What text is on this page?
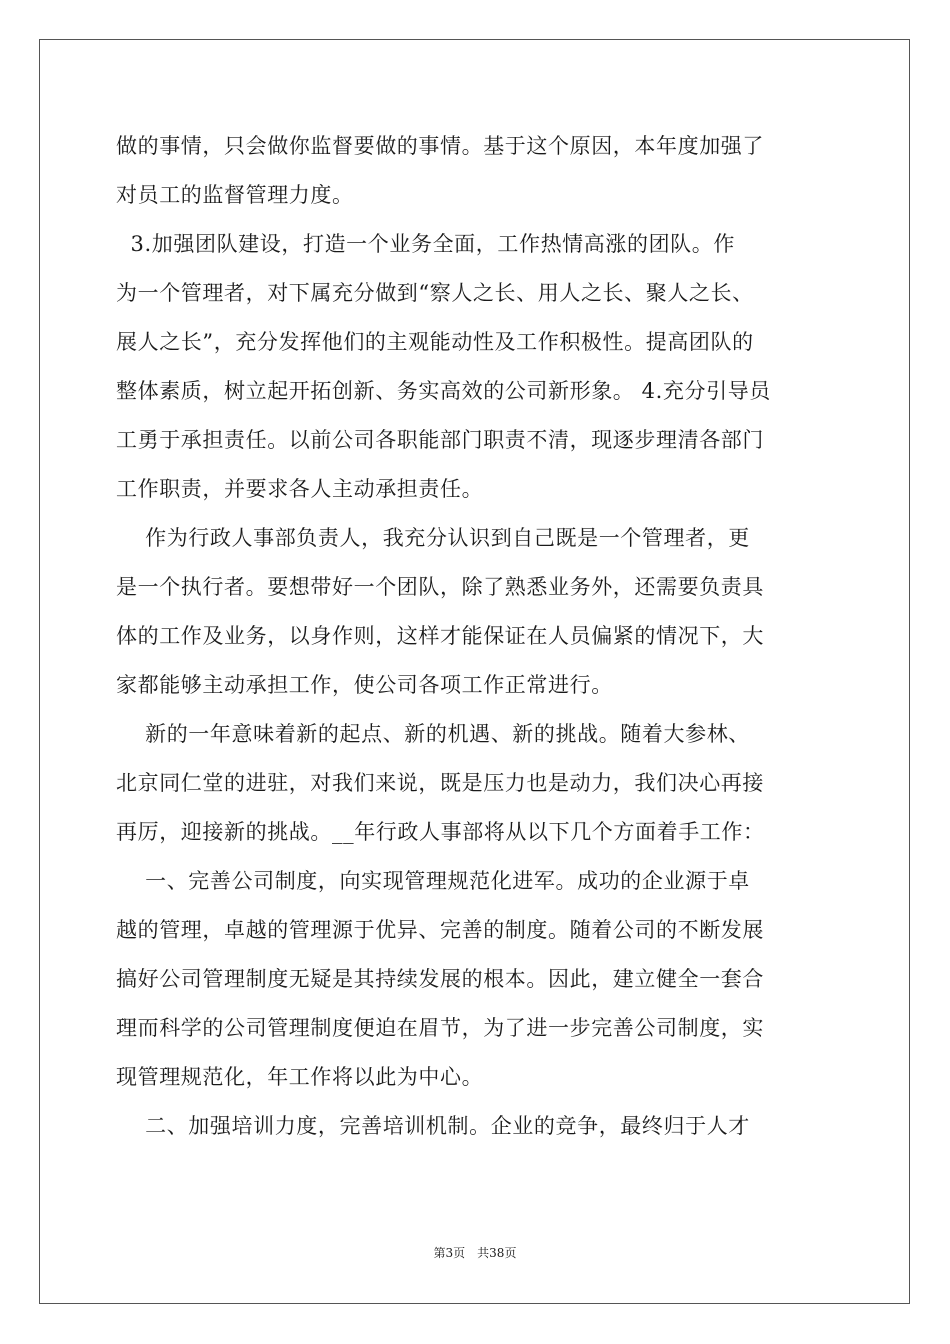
做的事情，只会做你监督要做的事情。基于这个原因，本年度加强了
对员工的监督管理力度。
3.加强团队建设，打造一个业务全面，工作热情高涨的团队。作
为一个管理者，对下属充分做到“察人之长、用人之长、聚人之长、
展人之长”，充分发挥他们的主观能动性及工作积极性。提高团队的
整体素质，树立起开拓创新、务实高效的公司新形象。 4.充分引导员
工勇于承担责任。以前公司各职能部门职责不清，现逐步理清各部门
工作职责，并要求各人主动承担责任。
作为行政人事部负责人，我充分认识到自己既是一个管理者，更
是一个执行者。要想带好一个团队，除了熟悉业务外，还需要负责具
体的工作及业务，以身作则，这样才能保证在人员偏紧的情况下，大
家都能够主动承担工作，使公司各项工作正常进行。
新的一年意味着新的起点、新的机遇、新的挑战。随着大参林、
北京同仁堂的进驻，对我们来说，既是压力也是动力，我们决心再接
再厉，迎接新的挑战。__年行政人事部将从以下几个方面着手工作：
一、完善公司制度，向实现管理规范化进军。成功的企业源于卓
越的管理，卓越的管理源于优异、完善的制度。随着公司的不断发展
搞好公司管理制度无疑是其持续发展的根本。因此，建立健全一套合
理而科学的公司管理制度便迫在眉节，为了进一步完善公司制度，实
现管理规范化，年工作将以此为中心。
二、加强培训力度，完善培训机制。企业的竞争，最终归于人才
第3页 共38页
